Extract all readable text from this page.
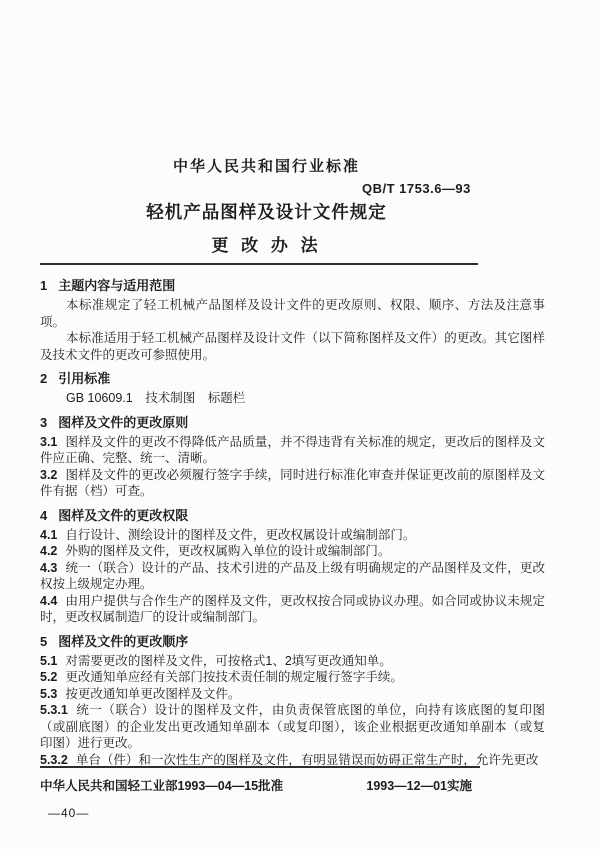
中华人民共和国行业标准
QB/T 1753.6—93
轻机产品图样及设计文件规定
更 改 办 法
1 主题内容与适用范围

本标准规定了轻工机械产品图样及设计文件的更改原则、权限、顺序、方法及注意事项。

本标准适用于轻工机械产品图样及设计文件（以下简称图样及文件）的更改。其它图样及技术文件的更改可参照使用。

2 引用标准

GB 10609.1　技术制图　标题栏

3 图样及文件的更改原则

3.1 图样及文件的更改不得降低产品质量，并不得违背有关标准的规定，更改后的图样及文件应正确、完整、统一、清晰。

3.2 图样及文件的更改必须履行签字手续，同时进行标准化审查并保证更改前的原图样及文件有据（档）可查。

4 图样及文件的更改权限

4.1 自行设计、测绘设计的图样及文件，更改权属设计或编制部门。

4.2 外购的图样及文件，更改权属购入单位的设计或编制部门。

4.3 统一（联合）设计的产品、技术引进的产品及上级有明确规定的产品图样及文件，更改权按上级规定办理。

4.4 由用户提供与合作生产的图样及文件，更改权按合同或协议办理。如合同或协议未规定时，更改权属制造厂的设计或编制部门。

5 图样及文件的更改顺序

5.1 对需要更改的图样及文件，可按格式1、2填写更改通知单。

5.2 更改通知单应经有关部门按技术责任制的规定履行签字手续。

5.3 按更改通知单更改图样及文件。

5.3.1 统一（联合）设计的图样及文件，由负责保管底图的单位，向持有该底图的复印图（或副底图）的企业发出更改通知单副本（或复印图），该企业根据更改通知单副本（或复印图）进行更改。

5.3.2 单台（件）和一次性生产的图样及文件，有明显错误而妨碍正常生产时，允许先更改

中华人民共和国轻工业部1993—04—15批准	1993—12—01实施
—40—
